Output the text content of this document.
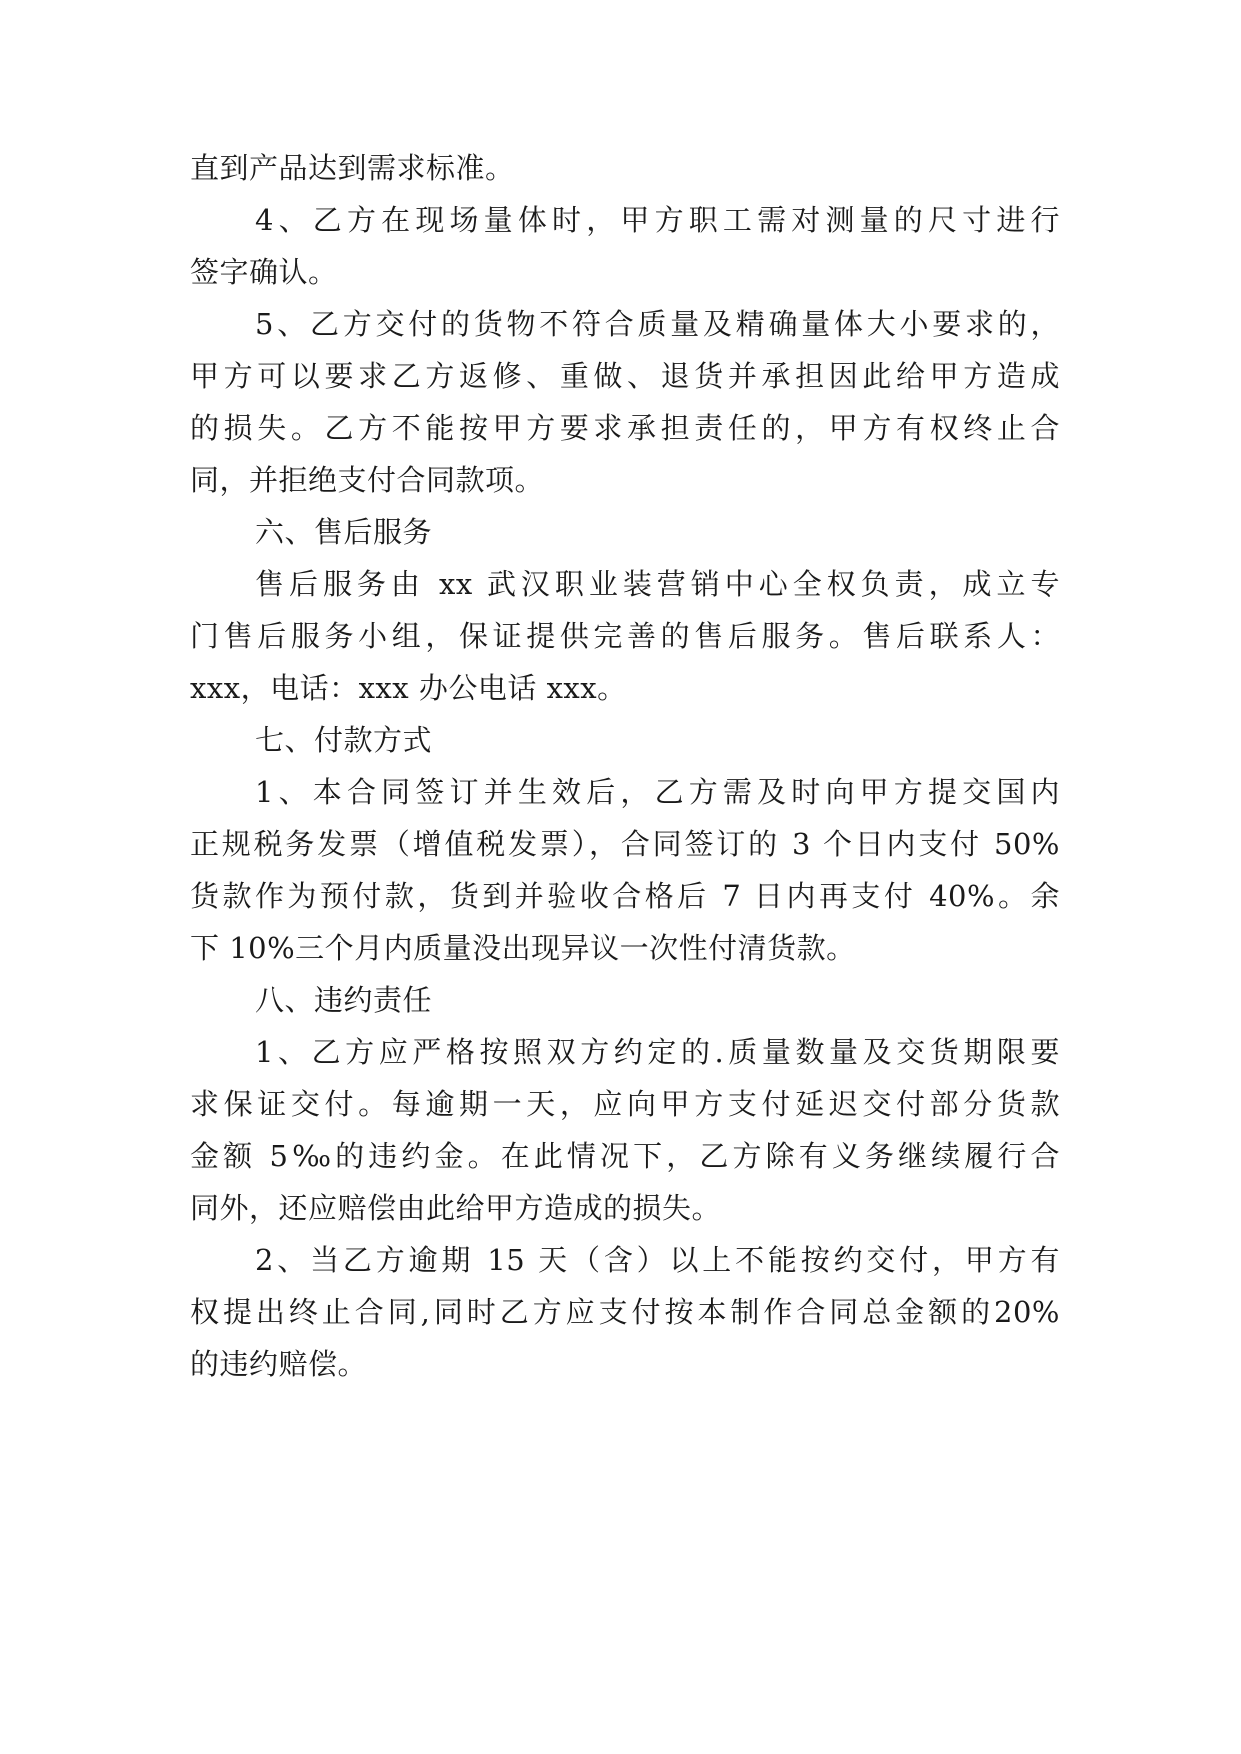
直到产品达到需求标准。
4、乙方在现场量体时，甲方职工需对测量的尺寸进行
签字确认。
5、乙方交付的货物不符合质量及精确量体大小要求的，
甲方可以要求乙方返修、重做、退货并承担因此给甲方造成
的损失。乙方不能按甲方要求承担责任的，甲方有权终止合
同，并拒绝支付合同款项。
六、售后服务
售后服务由 xx 武汉职业装营销中心全权负责，成立专
门售后服务小组，保证提供完善的售后服务。售后联系人：
xxx，电话：xxx 办公电话 xxx。
七、付款方式
1、本合同签订并生效后，乙方需及时向甲方提交国内
正规税务发票（增值税发票），合同签订的 3 个日内支付 50%
货款作为预付款，货到并验收合格后 7 日内再支付 40%。余
下 10%三个月内质量没出现异议一次性付清货款。
八、违约责任
1、乙方应严格按照双方约定的.质量数量及交货期限要
求保证交付。每逾期一天，应向甲方支付延迟交付部分货款
金额 5‰的违约金。在此情况下，乙方除有义务继续履行合
同外，还应赔偿由此给甲方造成的损失。
2、当乙方逾期 15 天（含）以上不能按约交付，甲方有
权提出终止合同,同时乙方应支付按本制作合同总金额的20%
的违约赔偿。
